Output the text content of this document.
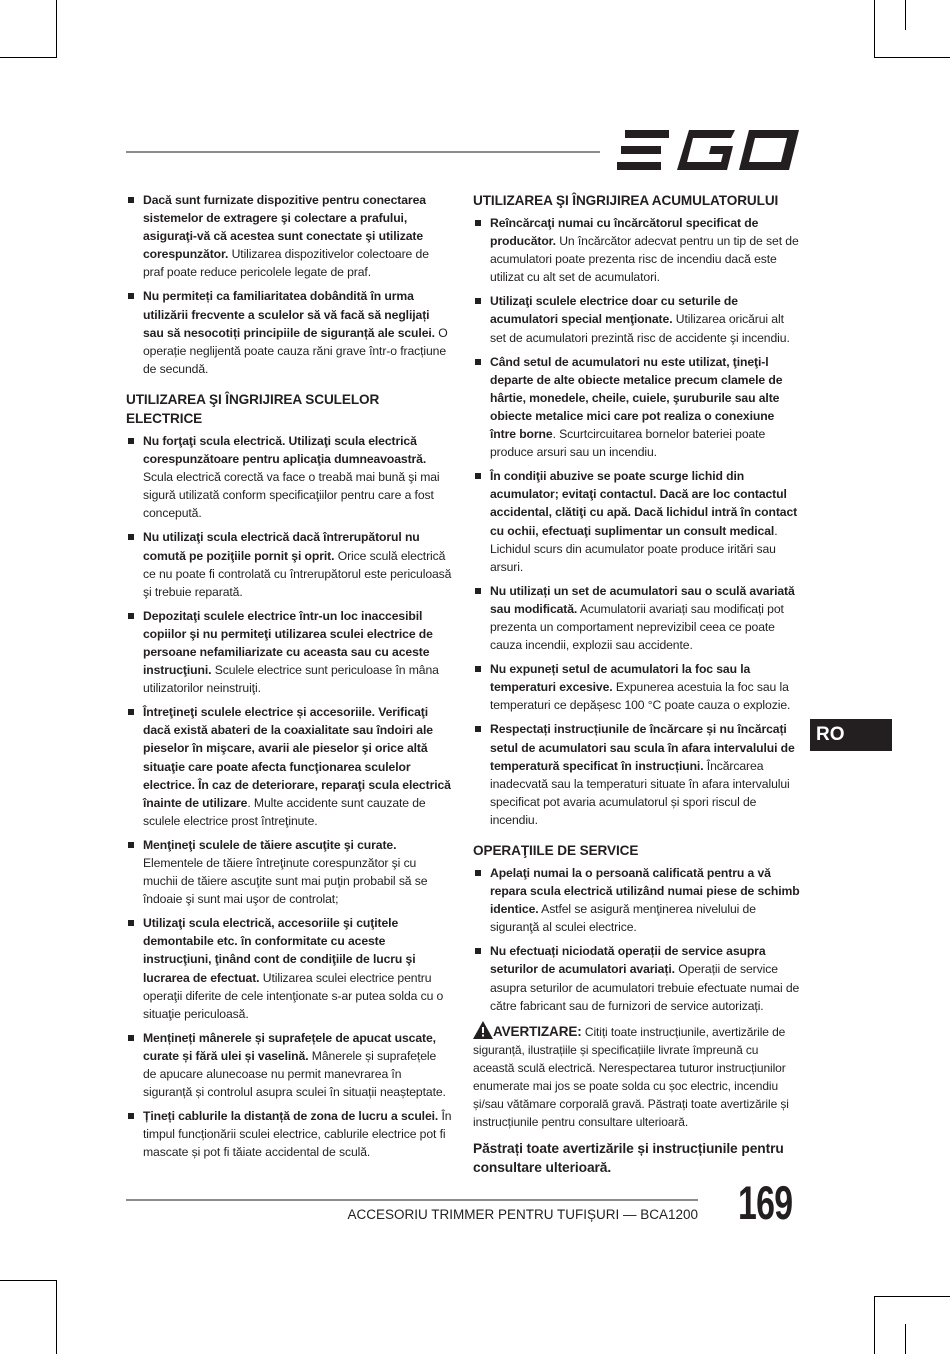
Dacă sunt furnizate dispozitive pentru conectarea sistemelor de extragere şi colectare a prafului, asiguraţi-vă că acestea sunt conectate şi utilizate corespunzător. Utilizarea dispozitivelor colectoare de praf poate reduce pericolele legate de praf.
Nu permiteți ca familiaritatea dobândită în urma utilizării frecvente a sculelor să vă facă să neglijați sau să nesocotiți principiile de siguranță ale sculei. O operație neglijentă poate cauza răni grave într-o fracțiune de secundă.
UTILIZAREA ŞI ÎNGRIJIREA SCULELOR ELECTRICE
Nu forţaţi scula electrică. Utilizaţi scula electrică corespunzătoare pentru aplicaţia dumneavoastră. Scula electrică corectă va face o treabă mai bună şi mai sigură utilizată conform specificaţiilor pentru care a fost concepută.
Nu utilizaţi scula electrică dacă întrerupătorul nu comută pe poziţiile pornit şi oprit. Orice sculă electrică ce nu poate fi controlată cu întrerupătorul este periculoasă şi trebuie reparată.
Depozitaţi sculele electrice într-un loc inaccesibil copiilor şi nu permiteţi utilizarea sculei electrice de persoane nefamiliarizate cu aceasta sau cu aceste instrucţiuni. Sculele electrice sunt periculoase în mâna utilizatorilor neinstruiţi.
Întreţineţi sculele electrice și accesoriile. Verificaţi dacă există abateri de la coaxialitate sau îndoiri ale pieselor în mişcare, avarii ale pieselor şi orice altă situaţie care poate afecta funcţionarea sculelor electrice. În caz de deteriorare, reparaţi scula electrică înainte de utilizare. Multe accidente sunt cauzate de sculele electrice prost întreţinute.
Menţineţi sculele de tăiere ascuţite şi curate. Elementele de tăiere întreţinute corespunzător şi cu muchii de tăiere ascuţite sunt mai puţin probabil să se îndoaie şi sunt mai uşor de controlat;
Utilizaţi scula electrică, accesoriile şi cuţitele demontabile etc. în conformitate cu aceste instrucţiuni, ţinând cont de condiţiile de lucru şi lucrarea de efectuat. Utilizarea sculei electrice pentru operaţii diferite de cele intenţionate s-ar putea solda cu o situaţie periculoasă.
Mențineți mânerele și suprafețele de apucat uscate, curate și fără ulei și vaselină. Mânerele și suprafețele de apucare alunecoase nu permit manevrarea în siguranță și controlul asupra sculei în situații neașteptate.
Țineți cablurile la distanță de zona de lucru a sculei. În timpul funcționării sculei electrice, cablurile electrice pot fi mascate și pot fi tăiate accidental de sculă.
UTILIZAREA ŞI ÎNGRIJIREA ACUMULATORULUI
Reîncărcaţi numai cu încărcătorul specificat de producător. Un încărcător adecvat pentru un tip de set de acumulatori poate prezenta risc de incendiu dacă este utilizat cu alt set de acumulatori.
Utilizaţi sculele electrice doar cu seturile de acumulatori special menţionate. Utilizarea oricărui alt set de acumulatori prezintă risc de accidente şi incendiu.
Când setul de acumulatori nu este utilizat, ţineţi-l departe de alte obiecte metalice precum clamele de hârtie, monedele, cheile, cuiele, şuruburile sau alte obiecte metalice mici care pot realiza o conexiune între borne. Scurtcircuitarea bornelor bateriei poate produce arsuri sau un incendiu.
În condiţii abuzive se poate scurge lichid din acumulator; evitaţi contactul. Dacă are loc contactul accidental, clătiţi cu apă. Dacă lichidul intră în contact cu ochii, efectuaţi suplimentar un consult medical. Lichidul scurs din acumulator poate produce iritări sau arsuri.
Nu utilizați un set de acumulatori sau o sculă avariată sau modificată. Acumulatorii avariați sau modificați pot prezenta un comportament neprevizibil ceea ce poate cauza incendii, explozii sau accidente.
Nu expuneți setul de acumulatori la foc sau la temperaturi excesive. Expunerea acestuia la foc sau la temperaturi ce depășesc 100 °C poate cauza o explozie.
Respectați instrucțiunile de încărcare și nu încărcați setul de acumulatori sau scula în afara intervalului de temperatură specificat în instrucțiuni. Încărcarea inadecvată sau la temperaturi situate în afara intervalului specificat pot avaria acumulatorul și spori riscul de incendiu.
OPERAŢIILE DE SERVICE
Apelaţi numai la o persoană calificată pentru a vă repara scula electrică utilizând numai piese de schimb identice. Astfel se asigură menţinerea nivelului de siguranţă al sculei electrice.
Nu efectuați niciodată operații de service asupra seturilor de acumulatori avariați. Operații de service asupra seturilor de acumulatori trebuie efectuate numai de către fabricant sau de furnizori de service autorizați.
AVERTIZARE: Citiți toate instrucțiunile, avertizările de siguranță, ilustrațiile și specificațiile livrate împreună cu această sculă electrică. Nerespectarea tuturor instrucțiunilor enumerate mai jos se poate solda cu șoc electric, incendiu și/sau vătămare corporală gravă. Păstrați toate avertizările și instrucțiunile pentru consultare ulterioară.
Păstrați toate avertizările și instrucțiunile pentru consultare ulterioară.
RO
ACCESORIU TRIMMER PENTRU TUFIȘURI — BCA1200 169
